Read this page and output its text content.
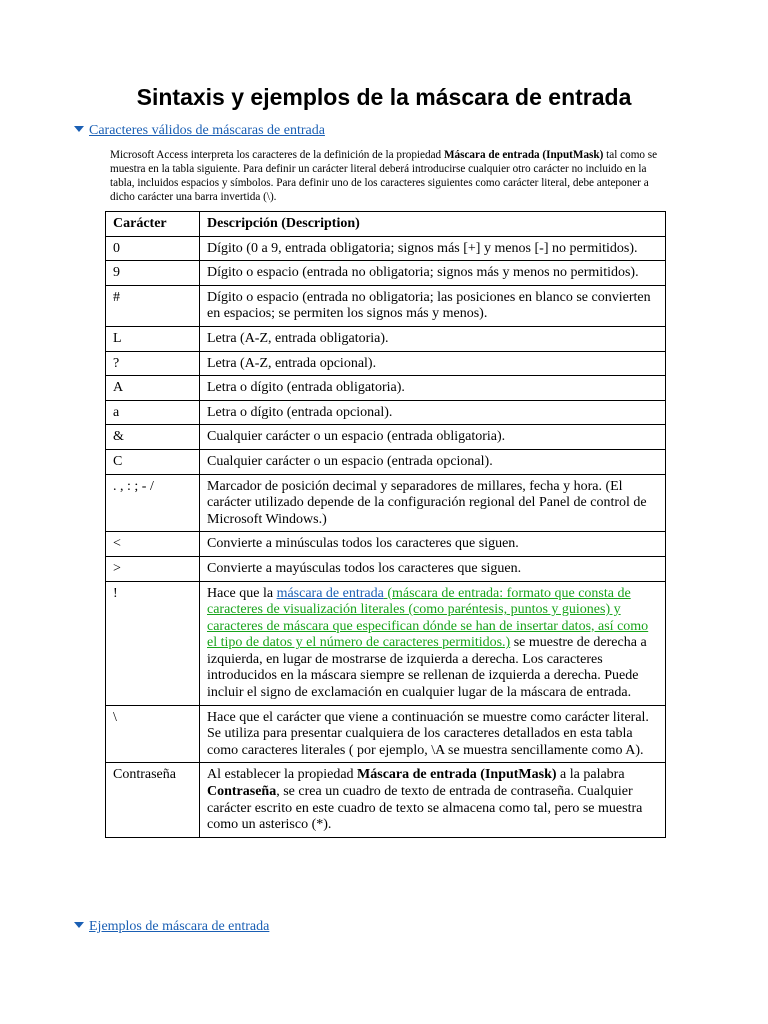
Sintaxis y ejemplos de la máscara de entrada
Caracteres válidos de máscaras de entrada
Microsoft Access interpreta los caracteres de la definición de la propiedad Máscara de entrada (InputMask) tal como se muestra en la tabla siguiente. Para definir un carácter literal deberá introducirse cualquier otro carácter no incluido en la tabla, incluidos espacios y símbolos. Para definir uno de los caracteres siguientes como carácter literal, debe anteponer a dicho carácter una barra invertida (\).
Carácter	Descripción (Description)
0	Dígito (0 a 9, entrada obligatoria; signos más [+] y menos [-] no permitidos).
9	Dígito o espacio (entrada no obligatoria; signos más y menos no permitidos).
#	Dígito o espacio (entrada no obligatoria; las posiciones en blanco se convierten en espacios; se permiten los signos más y menos).
L	Letra (A-Z, entrada obligatoria).
?	Letra (A-Z, entrada opcional).
A	Letra o dígito (entrada obligatoria).
a	Letra o dígito (entrada opcional).
&	Cualquier carácter o un espacio (entrada obligatoria).
C	Cualquier carácter o un espacio (entrada opcional).
. , : ; - /	Marcador de posición decimal y separadores de millares, fecha y hora. (El carácter utilizado depende de la configuración regional del Panel de control de Microsoft Windows.)
<	Convierte a minúsculas todos los caracteres que siguen.
>	Convierte a mayúsculas todos los caracteres que siguen.
!	Hace que la máscara de entrada (máscara de entrada: formato que consta de caracteres de visualización literales (como paréntesis, puntos y guiones) y caracteres de máscara que especifican dónde se han de insertar datos, así como el tipo de datos y el número de caracteres permitidos.) se muestre de derecha a izquierda, en lugar de mostrarse de izquierda a derecha. Los caracteres introducidos en la máscara siempre se rellenan de izquierda a derecha. Puede incluir el signo de exclamación en cualquier lugar de la máscara de entrada.
\	Hace que el carácter que viene a continuación se muestre como carácter literal. Se utiliza para presentar cualquiera de los caracteres detallados en esta tabla como caracteres literales ( por ejemplo, \A se muestra sencillamente como A).
Contraseña	Al establecer la propiedad Máscara de entrada (InputMask) a la palabra Contraseña, se crea un cuadro de texto de entrada de contraseña. Cualquier carácter escrito en este cuadro de texto se almacena como tal, pero se muestra como un asterisco (*).
Ejemplos de máscara de entrada
